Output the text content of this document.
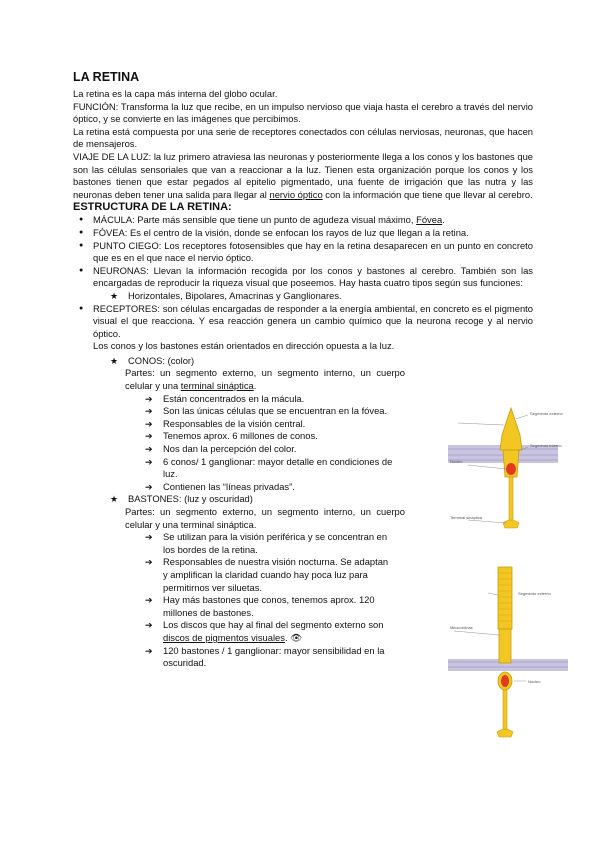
LA RETINA

La retina es la capa más interna del globo ocular.

FUNCIÓN: Transforma la luz que recibe, en un impulso nervioso que viaja hasta el cerebro a través del nervio óptico, y se convierte en las imágenes que percibimos.

La retina está compuesta por una serie de receptores conectados con células nerviosas, neuronas, que hacen de mensajeros.

VIAJE DE LA LUZ: la luz primero atraviesa las neuronas y posteriormente llega a los conos y los bastones que son las células sensoriales que van a reaccionar a la luz. Tienen esta organización porque los conos y los bastones tienen que estar pegados al epitelio pigmentado, una fuente de irrigación que las nutra y las neuronas deben tener una salida para llegar al nervio óptico con la información que tiene que llevar al cerebro.

ESTRUCTURA DE LA RETINA:
● MÁCULA: Parte más sensible que tiene un punto de agudeza visual máximo, Fóvea.
● FÓVEA: Es el centro de la visión, donde se enfocan los rayos de luz que llegan a la retina.
● PUNTO CIEGO: Los receptores fotosensibles que hay en la retina desaparecen en un punto en concreto que es en el que nace el nervio óptico.
● NEURONAS: Llevan la información recogida por los conos y bastones al cerebro. También son las encargadas de reproducir la riqueza visual que poseemos. Hay hasta cuatro tipos según sus funciones:
★ Horizontales, Bipolares, Amacrinas y Ganglionares.
● RECEPTORES: son células encargadas de responder a la energía ambiental, en concreto es el pigmento visual el que reacciona. Y esa reacción genera un cambio químico que la neurona recoge y al nervio óptico.

Los conos y los bastones están orientados en dirección opuesta a la luz.

★ CONOS: (color)

Partes: un segmento externo, un segmento interno, un cuerpo celular y una terminal sináptica.

➔ Están concentrados en la mácula.
➔ Son las únicas células que se encuentran en la fóvea.
➔ Responsables de la visión central.
➔ Tenemos aprox. 6 millones de conos.
➔ Nos dan la percepción del color.
➔ 6 conos/ 1 ganglionar: mayor detalle en condiciones de luz.
➔ Contienen las “líneas privadas”.
★ BASTONES: (luz y oscuridad)

Partes: un segmento externo, un segmento interno, un cuerpo celular y una terminal sináptica.

➔ Se utilizan para la visión periférica y se concentran en los bordes de la retina.
➔ Responsables de nuestra visión nocturna. Se adaptan y amplifican la claridad cuando hay poca luz para permitirnos ver siluetas.
➔ Hay más bastones que conos, tenemos aprox. 120 millones de bastones.
➔ Los discos que hay al final del segmento externo son discos de pigmentos visuales. 👁
➔ 120 bastones / 1 ganglionar: mayor sensibilidad en la oscuridad.
Segmento externo
Segmento interno
Núcleo
Terminal sináptica
Segmento externo
Mitocondrias
Núcleo
